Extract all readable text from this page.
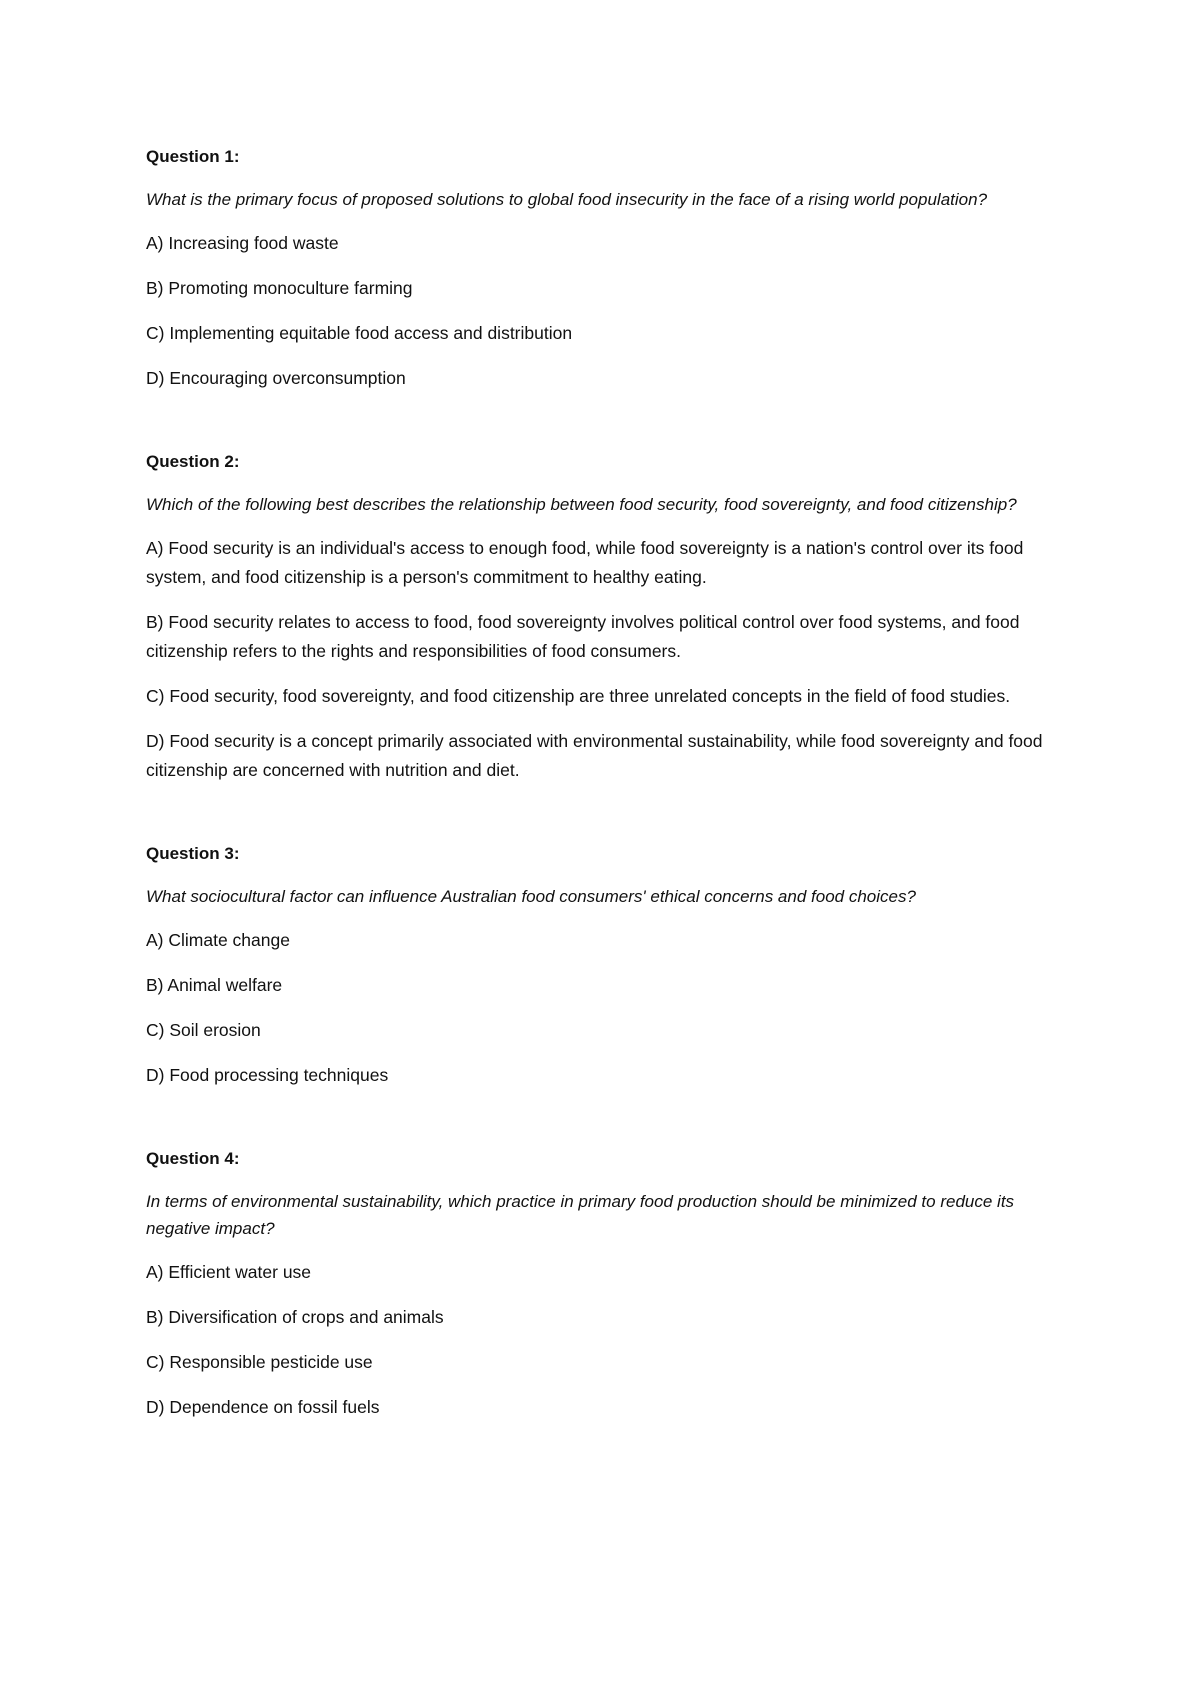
Question 1:

What is the primary focus of proposed solutions to global food insecurity in the face of a rising world population?

A) Increasing food waste

B) Promoting monoculture farming

C) Implementing equitable food access and distribution

D) Encouraging overconsumption

Question 2:

Which of the following best describes the relationship between food security, food sovereignty, and food citizenship?

A) Food security is an individual's access to enough food, while food sovereignty is a nation's control over its food system, and food citizenship is a person's commitment to healthy eating.

B) Food security relates to access to food, food sovereignty involves political control over food systems, and food citizenship refers to the rights and responsibilities of food consumers.

C) Food security, food sovereignty, and food citizenship are three unrelated concepts in the field of food studies.

D) Food security is a concept primarily associated with environmental sustainability, while food sovereignty and food citizenship are concerned with nutrition and diet.

Question 3:

What sociocultural factor can influence Australian food consumers' ethical concerns and food choices?

A) Climate change

B) Animal welfare

C) Soil erosion

D) Food processing techniques

Question 4:

In terms of environmental sustainability, which practice in primary food production should be minimized to reduce its negative impact?

A) Efficient water use

B) Diversification of crops and animals

C) Responsible pesticide use

D) Dependence on fossil fuels
